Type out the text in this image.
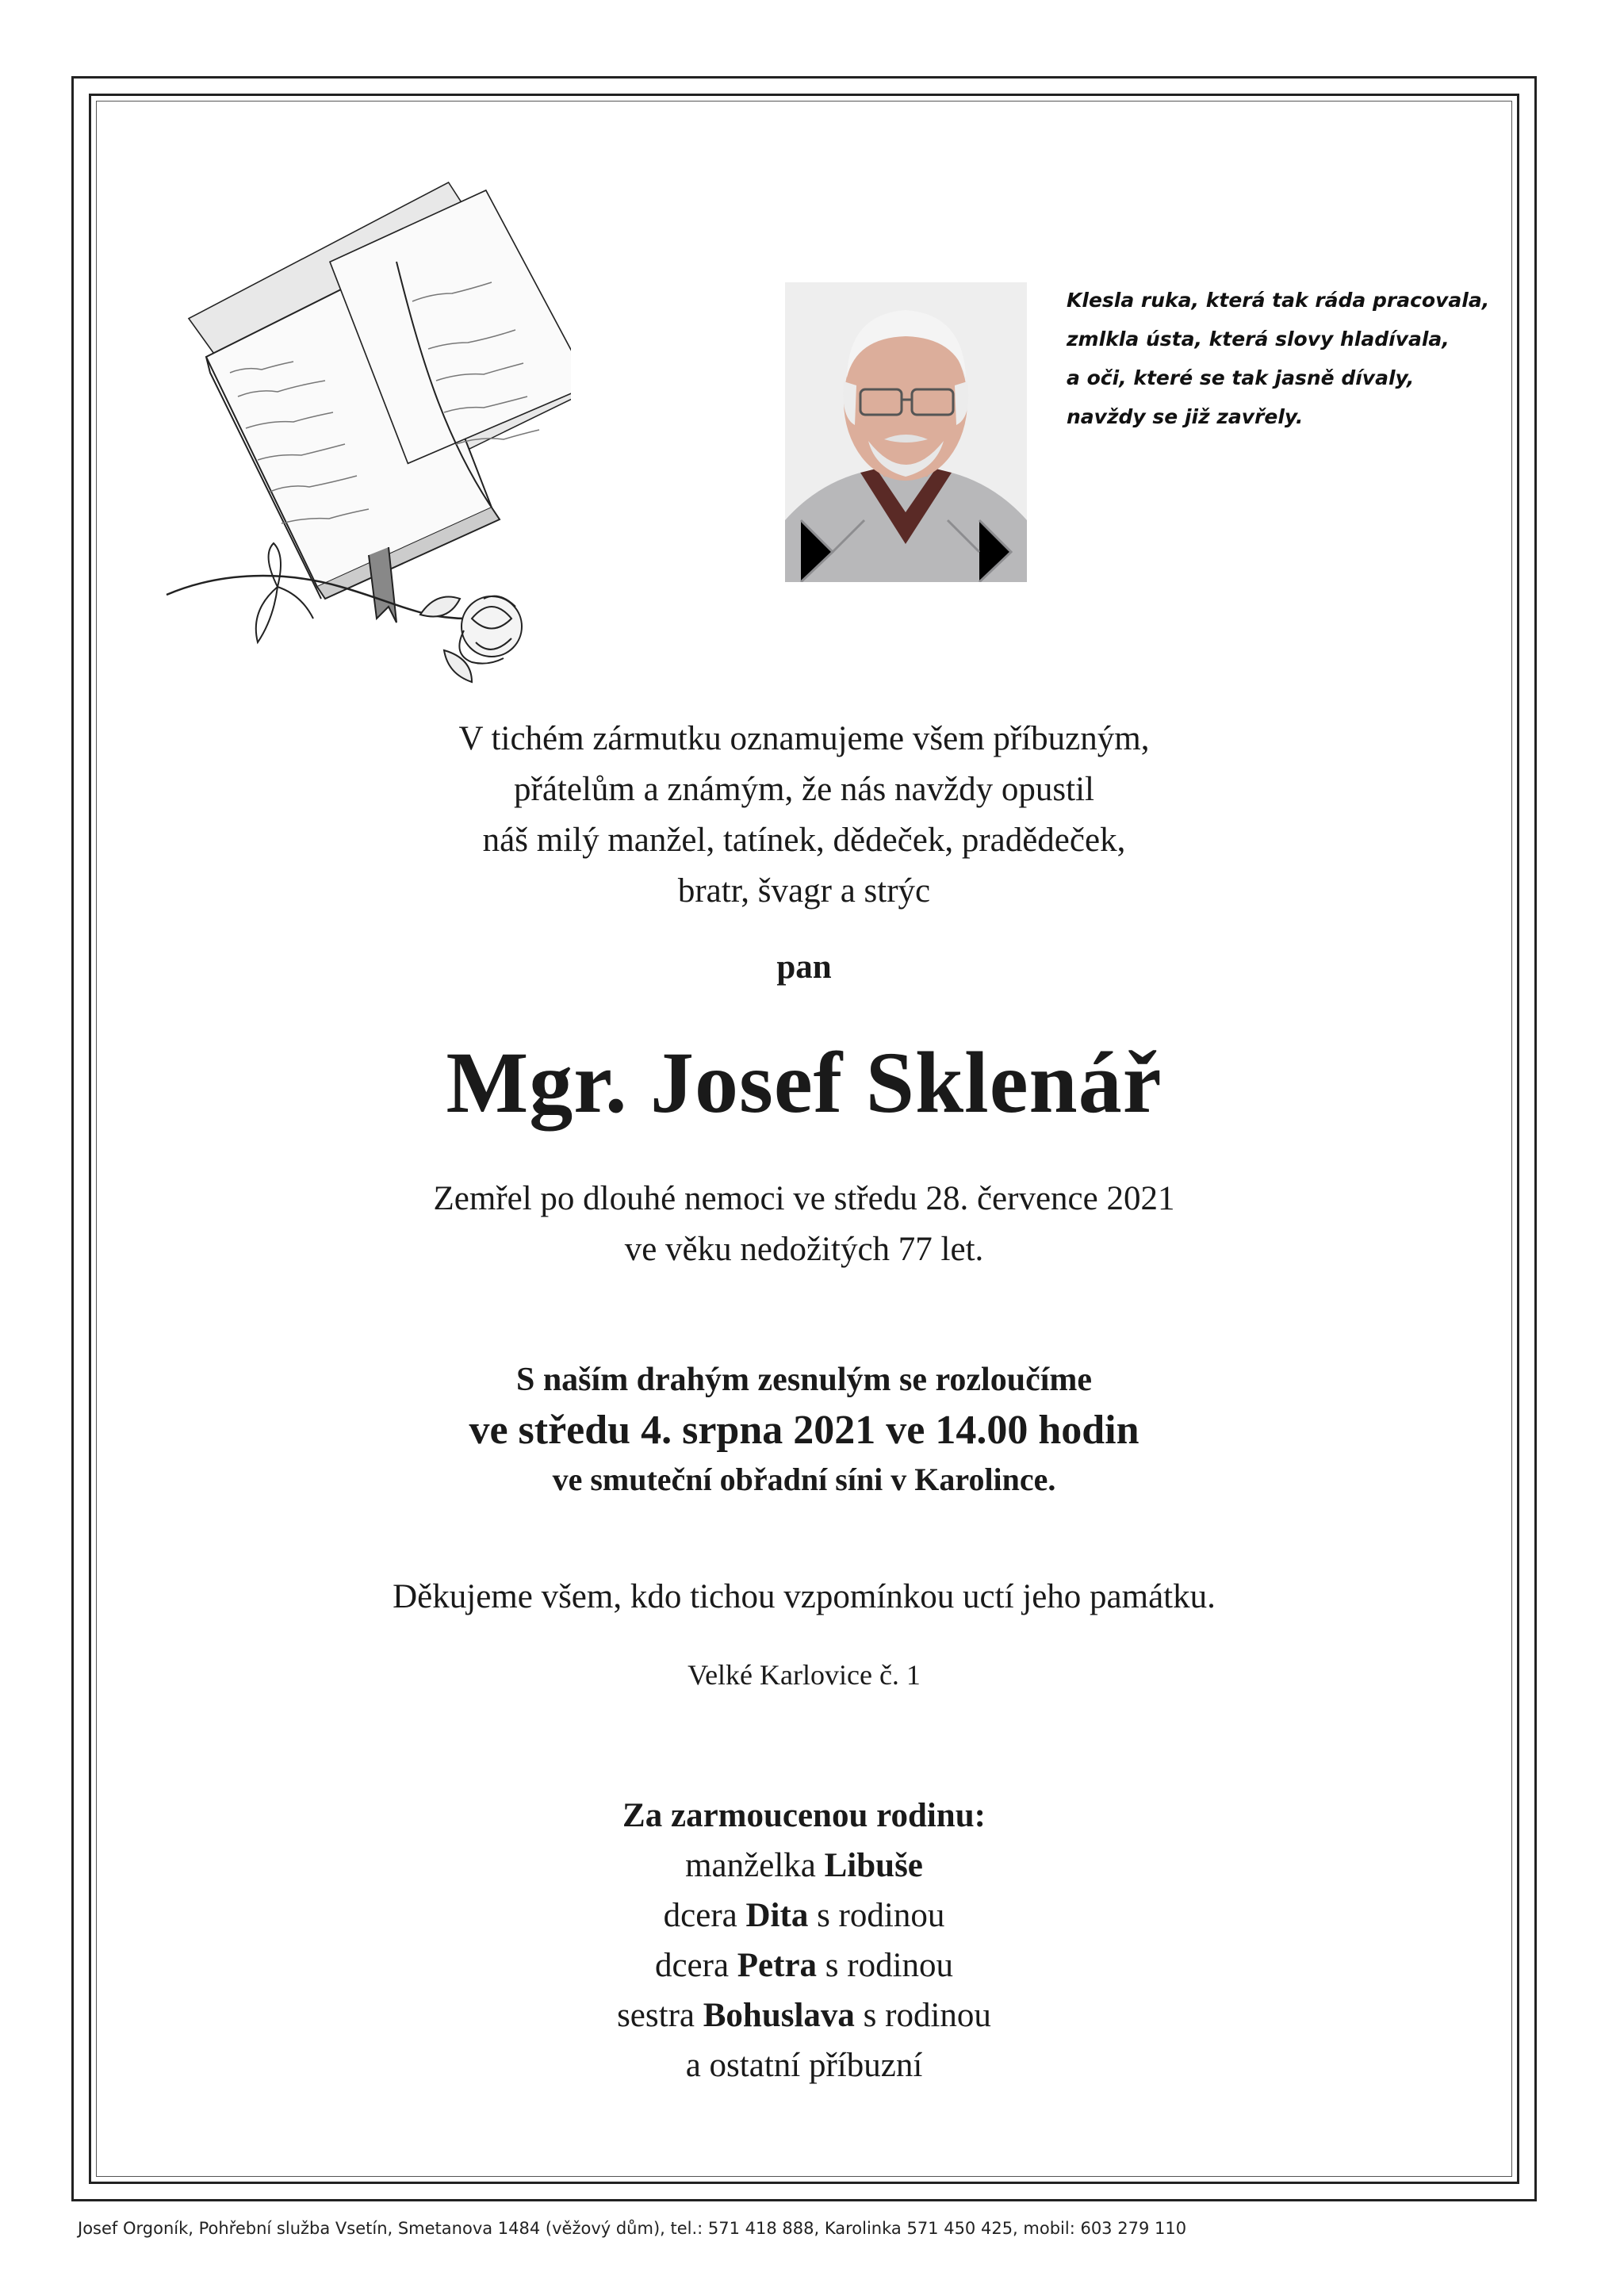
Klesla ruka, která tak ráda pracovala,
zmlkla ústa, která slovy hladívala,
a oči, které se tak jasně dívaly,
navždy se již zavřely.
V tichém zármutku oznamujeme všem příbuzným,
přátelům a známým, že nás navždy opustil
náš milý manžel, tatínek, dědeček, pradědeček,
bratr, švagr a strýc
pan
Mgr. Josef Sklenář
Zemřel po dlouhé nemoci ve středu 28. července 2021
ve věku nedožitých 77 let.
S naším drahým zesnulým se rozloučíme
ve středu 4. srpna 2021 ve 14.00 hodin
ve smuteční obřadní síni v Karolince.
Děkujeme všem, kdo tichou vzpomínkou uctí jeho památku.
Velké Karlovice č. 1
Za zarmoucenou rodinu:
manželka Libuše
dcera Dita s rodinou
dcera Petra s rodinou
sestra Bohuslava s rodinou
a ostatní příbuzní
Josef Orgoník, Pohřební služba Vsetín, Smetanova 1484 (věžový dům), tel.: 571 418 888, Karolinka 571 450 425, mobil: 603 279 110
